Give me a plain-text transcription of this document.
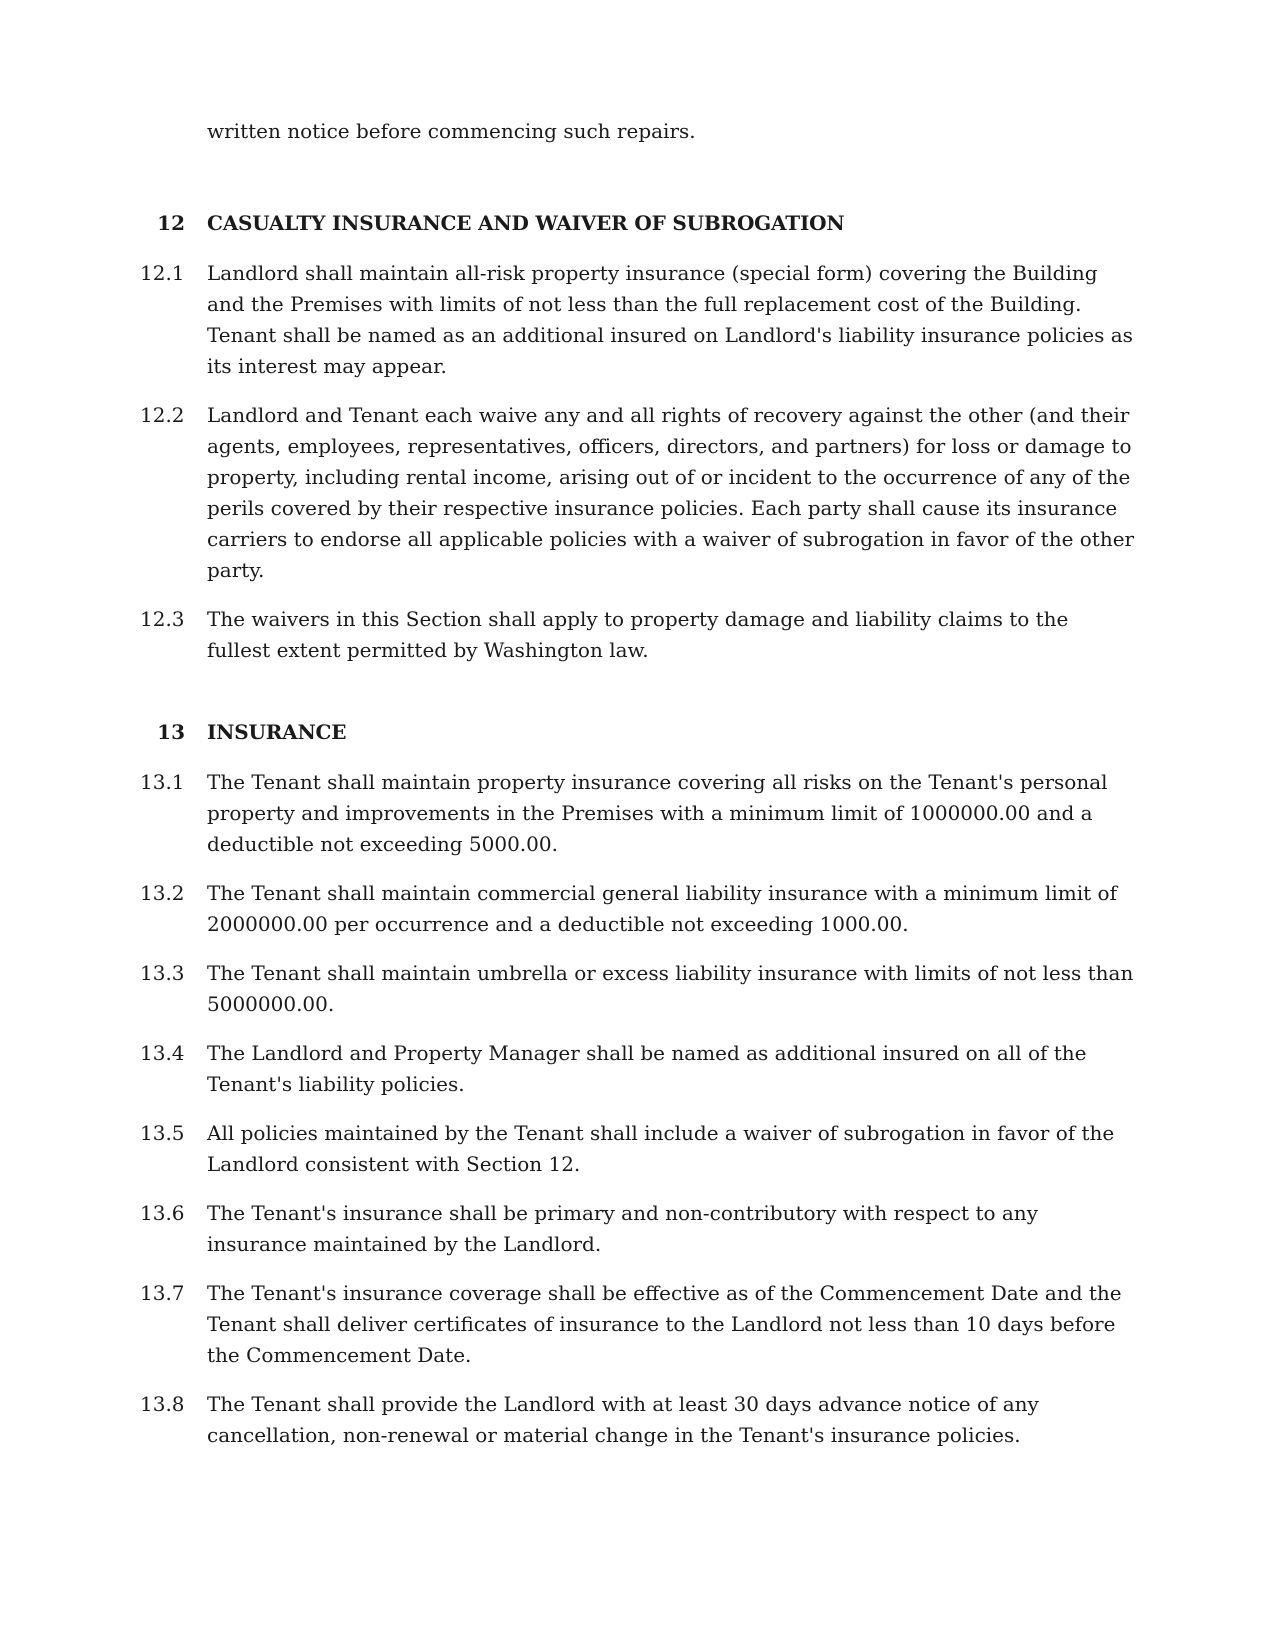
written notice before commencing such repairs.

12	CASUALTY INSURANCE AND WAIVER OF SUBROGATION
12.1	Landlord shall maintain all-risk property insurance (special form) covering the Building and the Premises with limits of not less than the full replacement cost of the Building. Tenant shall be named as an additional insured on Landlord's liability insurance policies as its interest may appear.
12.2	Landlord and Tenant each waive any and all rights of recovery against the other (and their agents, employees, representatives, officers, directors, and partners) for loss or damage to property, including rental income, arising out of or incident to the occurrence of any of the perils covered by their respective insurance policies. Each party shall cause its insurance carriers to endorse all applicable policies with a waiver of subrogation in favor of the other party.
12.3	The waivers in this Section shall apply to property damage and liability claims to the fullest extent permitted by Washington law.
13	INSURANCE
13.1	The Tenant shall maintain property insurance covering all risks on the Tenant's personal property and improvements in the Premises with a minimum limit of 1000000.00 and a deductible not exceeding 5000.00.
13.2	The Tenant shall maintain commercial general liability insurance with a minimum limit of 2000000.00 per occurrence and a deductible not exceeding 1000.00.
13.3	The Tenant shall maintain umbrella or excess liability insurance with limits of not less than 5000000.00.
13.4	The Landlord and Property Manager shall be named as additional insured on all of the Tenant's liability policies.
13.5	All policies maintained by the Tenant shall include a waiver of subrogation in favor of the Landlord consistent with Section 12.
13.6	The Tenant's insurance shall be primary and non-contributory with respect to any insurance maintained by the Landlord.
13.7	The Tenant's insurance coverage shall be effective as of the Commencement Date and the Tenant shall deliver certificates of insurance to the Landlord not less than 10 days before the Commencement Date.
13.8	The Tenant shall provide the Landlord with at least 30 days advance notice of any cancellation, non-renewal or material change in the Tenant's insurance policies.
